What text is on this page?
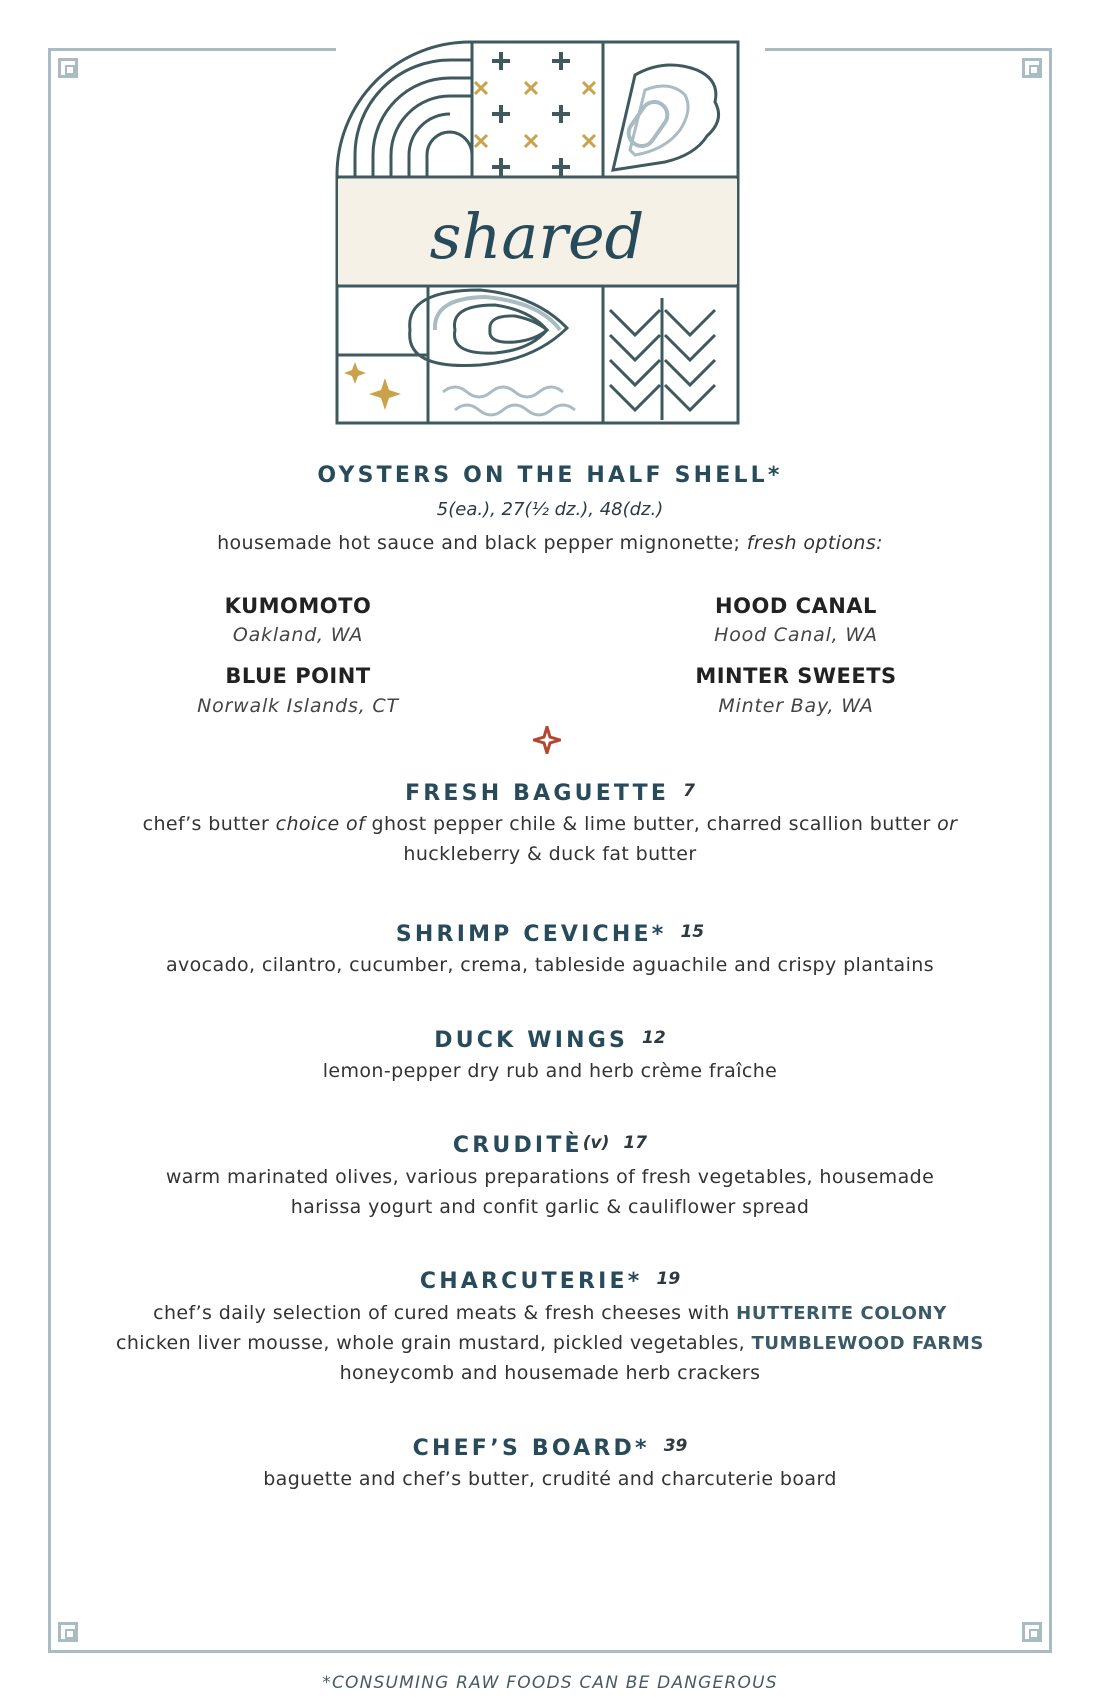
shared
OYSTERS ON THE HALF SHELL*
5(ea.), 27(½ dz.), 48(dz.)
housemade hot sauce and black pepper mignonette; fresh options:
KUMOMOTO
Oakland, WA
HOOD CANAL
Hood Canal, WA
BLUE POINT
Norwalk Islands, CT
MINTER SWEETS
Minter Bay, WA
FRESH BAGUETTE 7
chef’s butter choice of ghost pepper chile & lime butter, charred scallion butter or
huckleberry & duck fat butter
SHRIMP CEVICHE* 15
avocado, cilantro, cucumber, crema, tableside aguachile and crispy plantains
DUCK WINGS 12
lemon-pepper dry rub and herb crème fraîche
CRUDITÈ(v) 17
warm marinated olives, various preparations of fresh vegetables, housemade
harissa yogurt and confit garlic & cauliflower spread
CHARCUTERIE* 19
chef’s daily selection of cured meats & fresh cheeses with HUTTERITE COLONY
chicken liver mousse, whole grain mustard, pickled vegetables, TUMBLEWOOD FARMS
honeycomb and housemade herb crackers
CHEF’S BOARD* 39
baguette and chef’s butter, crudité and charcuterie board
*CONSUMING RAW FOODS CAN BE DANGEROUS
